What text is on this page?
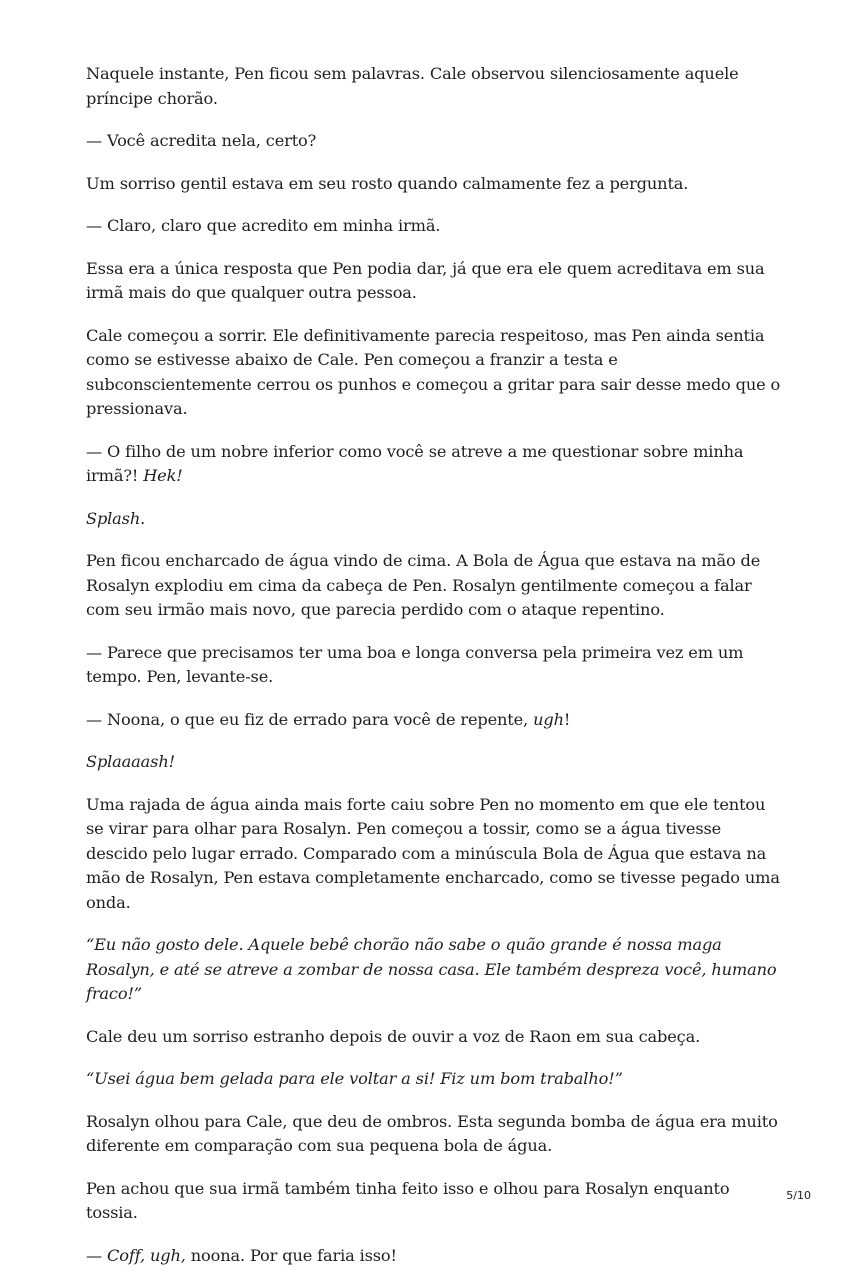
Naquele instante, Pen ficou sem palavras. Cale observou silenciosamente aquele príncipe chorão.

— Você acredita nela, certo?

Um sorriso gentil estava em seu rosto quando calmamente fez a pergunta.

— Claro, claro que acredito em minha irmã.

Essa era a única resposta que Pen podia dar, já que era ele quem acreditava em sua irmã mais do que qualquer outra pessoa.

Cale começou a sorrir. Ele definitivamente parecia respeitoso, mas Pen ainda sentia como se estivesse abaixo de Cale. Pen começou a franzir a testa e subconscientemente cerrou os punhos e começou a gritar para sair desse medo que o pressionava.

— O filho de um nobre inferior como você se atreve a me questionar sobre minha irmã?! Hek!

Splash.

Pen ficou encharcado de água vindo de cima. A Bola de Água que estava na mão de Rosalyn explodiu em cima da cabeça de Pen. Rosalyn gentilmente começou a falar com seu irmão mais novo, que parecia perdido com o ataque repentino.

— Parece que precisamos ter uma boa e longa conversa pela primeira vez em um tempo. Pen, levante-se.

— Noona, o que eu fiz de errado para você de repente, ugh!

Splaaaash!

Uma rajada de água ainda mais forte caiu sobre Pen no momento em que ele tentou se virar para olhar para Rosalyn. Pen começou a tossir, como se a água tivesse descido pelo lugar errado. Comparado com a minúscula Bola de Água que estava na mão de Rosalyn, Pen estava completamente encharcado, como se tivesse pegado uma onda.

“Eu não gosto dele. Aquele bebê chorão não sabe o quão grande é nossa maga Rosalyn, e até se atreve a zombar de nossa casa. Ele também despreza você, humano fraco!”

Cale deu um sorriso estranho depois de ouvir a voz de Raon em sua cabeça.

“Usei água bem gelada para ele voltar a si! Fiz um bom trabalho!”

Rosalyn olhou para Cale, que deu de ombros. Esta segunda bomba de água era muito diferente em comparação com sua pequena bola de água.

Pen achou que sua irmã também tinha feito isso e olhou para Rosalyn enquanto tossia.

— Coff, ugh, noona. Por que faria isso!

5/10
